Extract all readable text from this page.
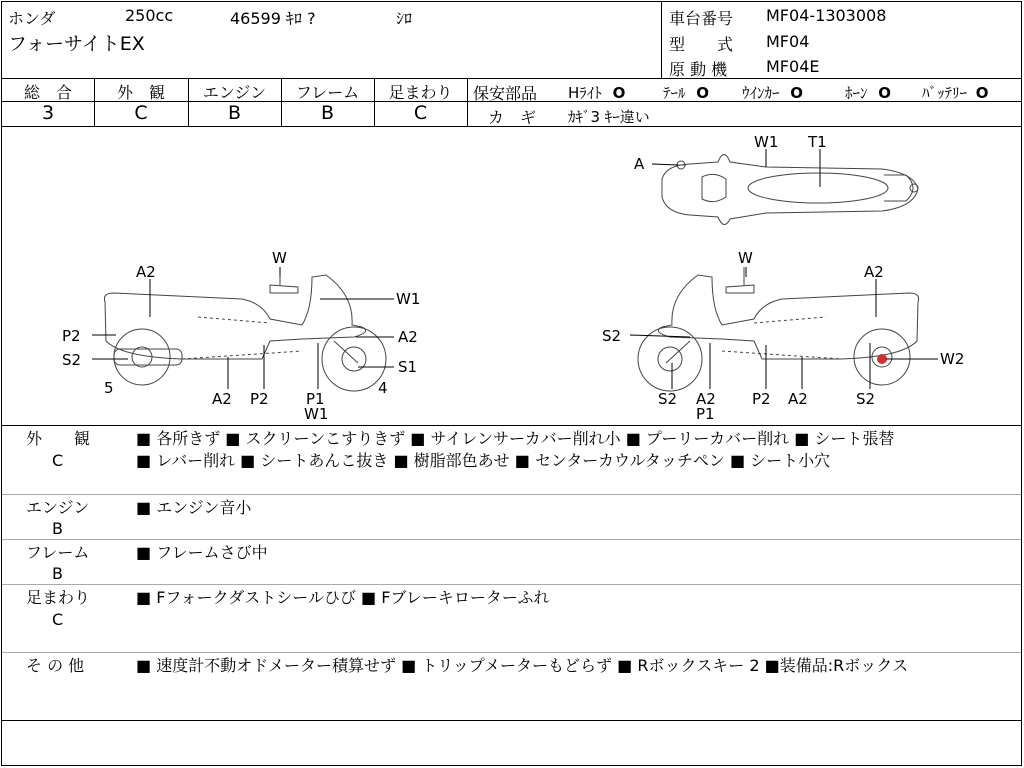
ホンダ	250cc	46599 ｷﾛ ?	ｼﾛ
フォーサイトEX
車台番号 MF04-1303008
型　　式 MF04
原 動 機 MF04E
総　合	外　観	エンジン	フレーム	足まわり
3	C	B	B	C
保安部品 Hﾗｲﾄ O	ﾃｰﾙ O ｳｲﾝｶｰ O	ﾎｰﾝ O ﾊﾞｯﾃﾘｰ O
カ　ギ ｶｷﾞ3 ｷｰ違い
A
W1 T1
W
A2
W1
P2	A2
S2	S1
5	4
A2 P2 P1
W1
W
A2
S2
W2
S2 A2
P1
P2 A2	S2
外　　観
C
■ 各所きず ■ スクリーンこすりきず ■ サイレンサーカバー削れ小 ■ プーリーカバー削れ ■ シート張替
■ レバー削れ ■ シートあんこ抜き ■ 樹脂部色あせ ■ センターカウルタッチペン ■ シート小穴
エンジン
B
■ エンジン音小
フレーム
B
■ フレームさび中
足まわり
C
■ Fフォークダストシールひび ■ Fブレーキローターふれ
そ の 他	■ 速度計不動オドメーター積算せず ■ トリップメーターもどらず ■ Rボックスキー 2 ■装備品:Rボックス
